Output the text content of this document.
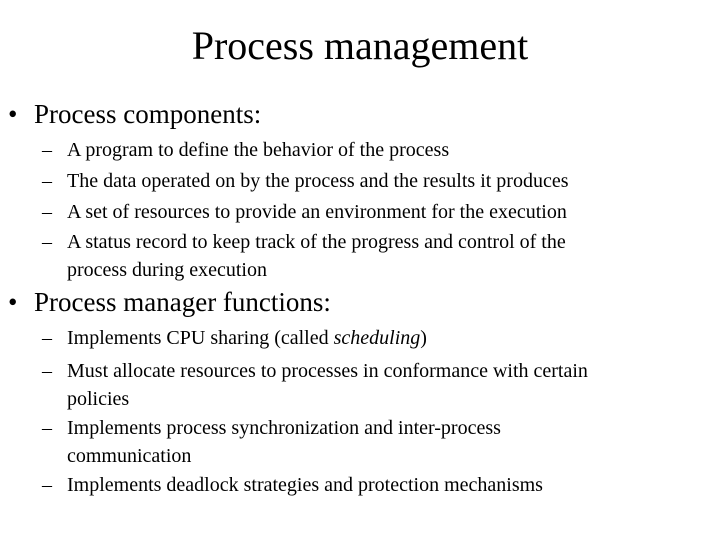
Process management
• Process components:
– A program to define the behavior of the process
– The data operated on by the process and the results it produces
– A set of resources to provide an environment for the execution
– A status record to keep track of the progress and control of the
process during execution
• Process manager functions:
– Implements CPU sharing (called scheduling)
– Must allocate resources to processes in conformance with certain
policies
– Implements process synchronization and inter-process
communication
– Implements deadlock strategies and protection mechanisms
